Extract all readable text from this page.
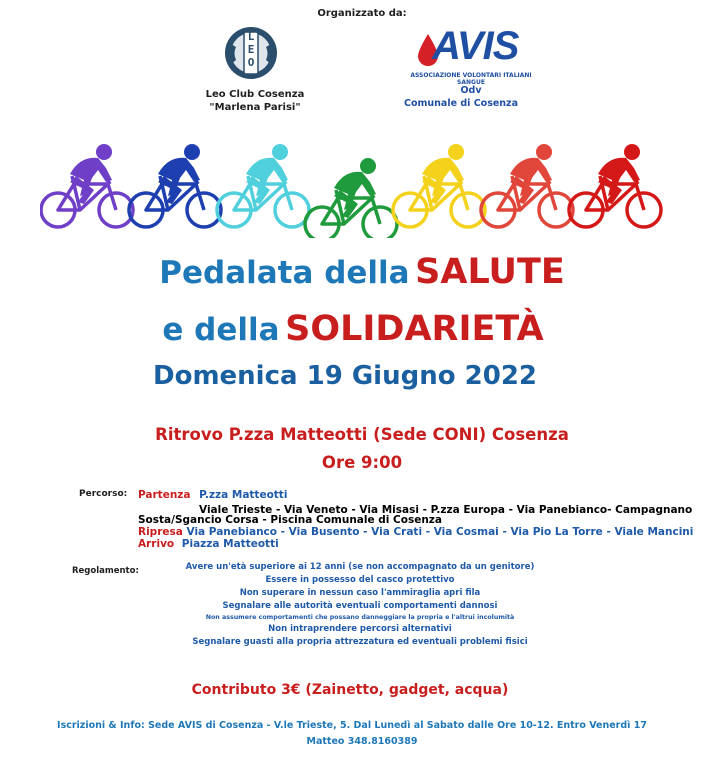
Organizzato da:
LEO
Leo Club Cosenza
"Marlena Parisi"
AVIS
ASSOCIAZIONE VOLONTARI ITALIANI SANGUE
Odv
Comunale di Cosenza
Pedalata della SALUTE
e della SOLIDARIETÀ
Domenica 19 Giugno 2022
Ritrovo P.zza Matteotti (Sede CONI) Cosenza
Ore 9:00
Percorso: Partenza P.zza Matteotti
Viale Trieste - Via Veneto - Via Misasi - P.zza Europa - Via Panebianco- Campagnano
Sosta/Sgancio Corsa - Piscina Comunale di Cosenza
Ripresa Via Panebianco - Via Busento - Via Crati - Via Cosmai - Via Pio La Torre - Viale Mancini
Arrivo Piazza Matteotti
Regolamento:	Avere un'età superiore ai 12 anni (se non accompagnato da un genitore)
Essere in possesso del casco protettivo
Non superare in nessun caso l'ammiraglia apri fila
Segnalare alle autorità eventuali comportamenti dannosi
Non assumere comportamenti che possano danneggiare la propria e l'altrui incolumità
Non intraprendere percorsi alternativi
Segnalare guasti alla propria attrezzatura ed eventuali problemi fisici
Contributo 3€ (Zainetto, gadget, acqua)
Iscrizioni & Info: Sede AVIS di Cosenza - V.le Trieste, 5. Dal Lunedì al Sabato dalle Ore 10-12. Entro Venerdì 17
Matteo 348.8160389
